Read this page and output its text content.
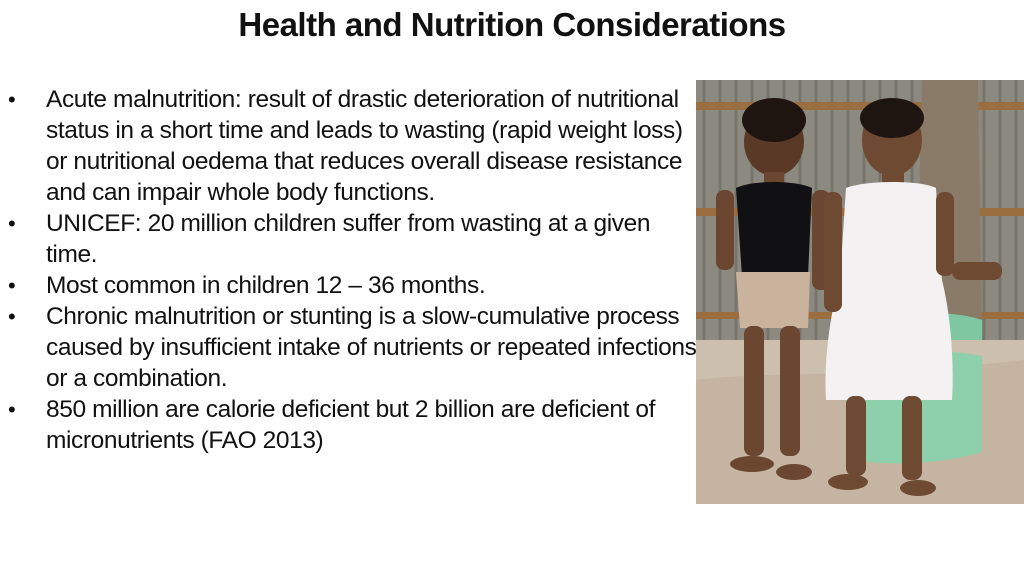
Health and Nutrition Considerations
• Acute malnutrition: result of drastic deterioration of nutritional status in a short time and leads to wasting (rapid weight loss) or nutritional oedema that reduces overall disease resistance and can impair whole body functions.
• UNICEF: 20 million children suffer from wasting at a given time.
• Most common in children 12 – 36 months.
• Chronic malnutrition or stunting is a slow-cumulative process caused by insufficient intake of nutrients or repeated infections or a combination.
• 850 million are calorie deficient but 2 billion are deficient of micronutrients (FAO 2013)
